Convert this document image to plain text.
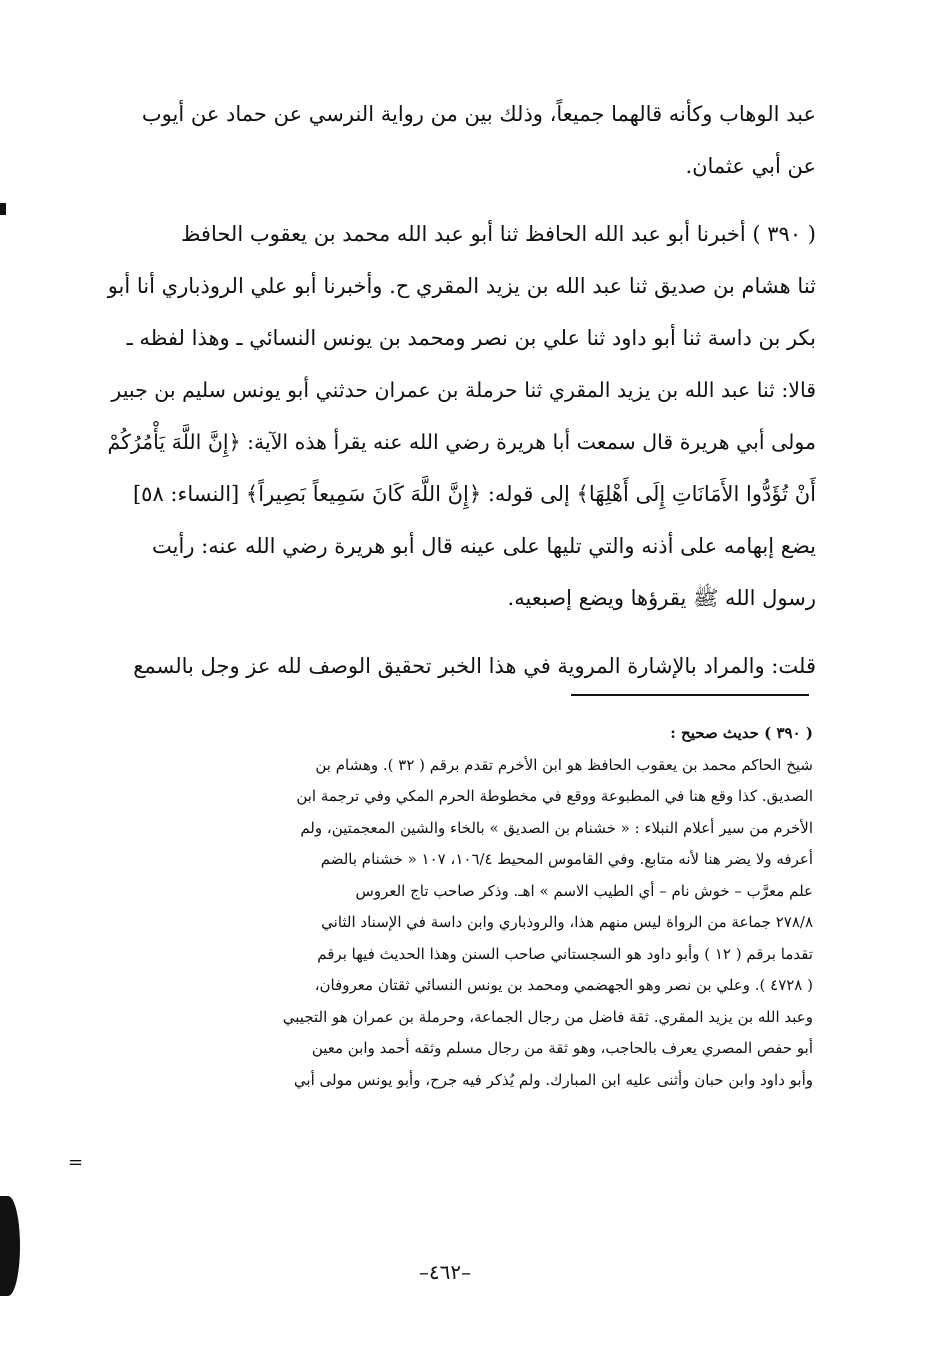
عبد الوهاب وكأنه قالهما جميعاً، وذلك بين من رواية النرسي عن حماد عن أيوب
عن أبي عثمان.

( ٣٩٠ ) أخبرنا أبو عبد الله الحافظ ثنا أبو عبد الله محمد بن يعقوب الحافظ
ثنا هشام بن صديق ثنا عبد الله بن يزيد المقري ح. وأخبرنا أبو علي الروذباري أنا أبو
بكر بن داسة ثنا أبو داود ثنا علي بن نصر ومحمد بن يونس النسائي ـ وهذا لفظه ـ
قالا: ثنا عبد الله بن يزيد المقري ثنا حرملة بن عمران حدثني أبو يونس سليم بن جبير
مولى أبي هريرة قال سمعت أبا هريرة رضي الله عنه يقرأ هذه الآية: ﴿إِنَّ اللَّهَ يَأْمُرُكُمْ
أَنْ تُؤَدُّوا الأَمَانَاتِ إِلَى أَهْلِهَا﴾ إلى قوله: ﴿إِنَّ اللَّهَ كَانَ سَمِيعاً بَصِيراً﴾ [النساء: ٥٨]
يضع إبهامه على أذنه والتي تليها على عينه قال أبو هريرة رضي الله عنه: رأيت
رسول الله ﷺ يقرؤها ويضع إصبعيه.

قلت: والمراد بالإشارة المروية في هذا الخبر تحقيق الوصف لله عز وجل بالسمع

( ٣٩٠ ) حديث صحيح :
شيخ الحاكم محمد بن يعقوب الحافظ هو ابن الأخرم تقدم برقم ( ٣٢ ). وهشام بن
الصديق. كذا وقع هنا في المطبوعة ووقع في مخطوطة الحرم المكي وفي ترجمة ابن
الأخرم من سير أعلام النبلاء : « خشنام بن الصديق » بالخاء والشين المعجمتين، ولم
أعرفه ولا يضر هنا لأنه متابع. وفي القاموس المحيط ١٠٦/٤، ١٠٧ « خشنام بالضم
علم معرَّب – خوش نام – أي الطيب الاسم » اهـ. وذكر صاحب تاج العروس
٢٧٨/٨ جماعة من الرواة ليس منهم هذا، والروذباري وابن داسة في الإسناد الثاني
تقدما برقم ( ١٢ ) وأبو داود هو السجستاني صاحب السنن وهذا الحديث فيها برقم
( ٤٧٢٨ ). وعلي بن نصر وهو الجهضمي ومحمد بن يونس النسائي ثقتان معروفان،
وعبد الله بن يزيد المقري. ثقة فاضل من رجال الجماعة، وحرملة بن عمران هو التجيبي
أبو حفص المصري يعرف بالحاجب، وهو ثقة من رجال مسلم وثقه أحمد وابن معين
وأبو داود وابن حبان وأثنى عليه ابن المبارك. ولم يُذكر فيه جرح، وأبو يونس مولى أبي
=
–٤٦٢–
